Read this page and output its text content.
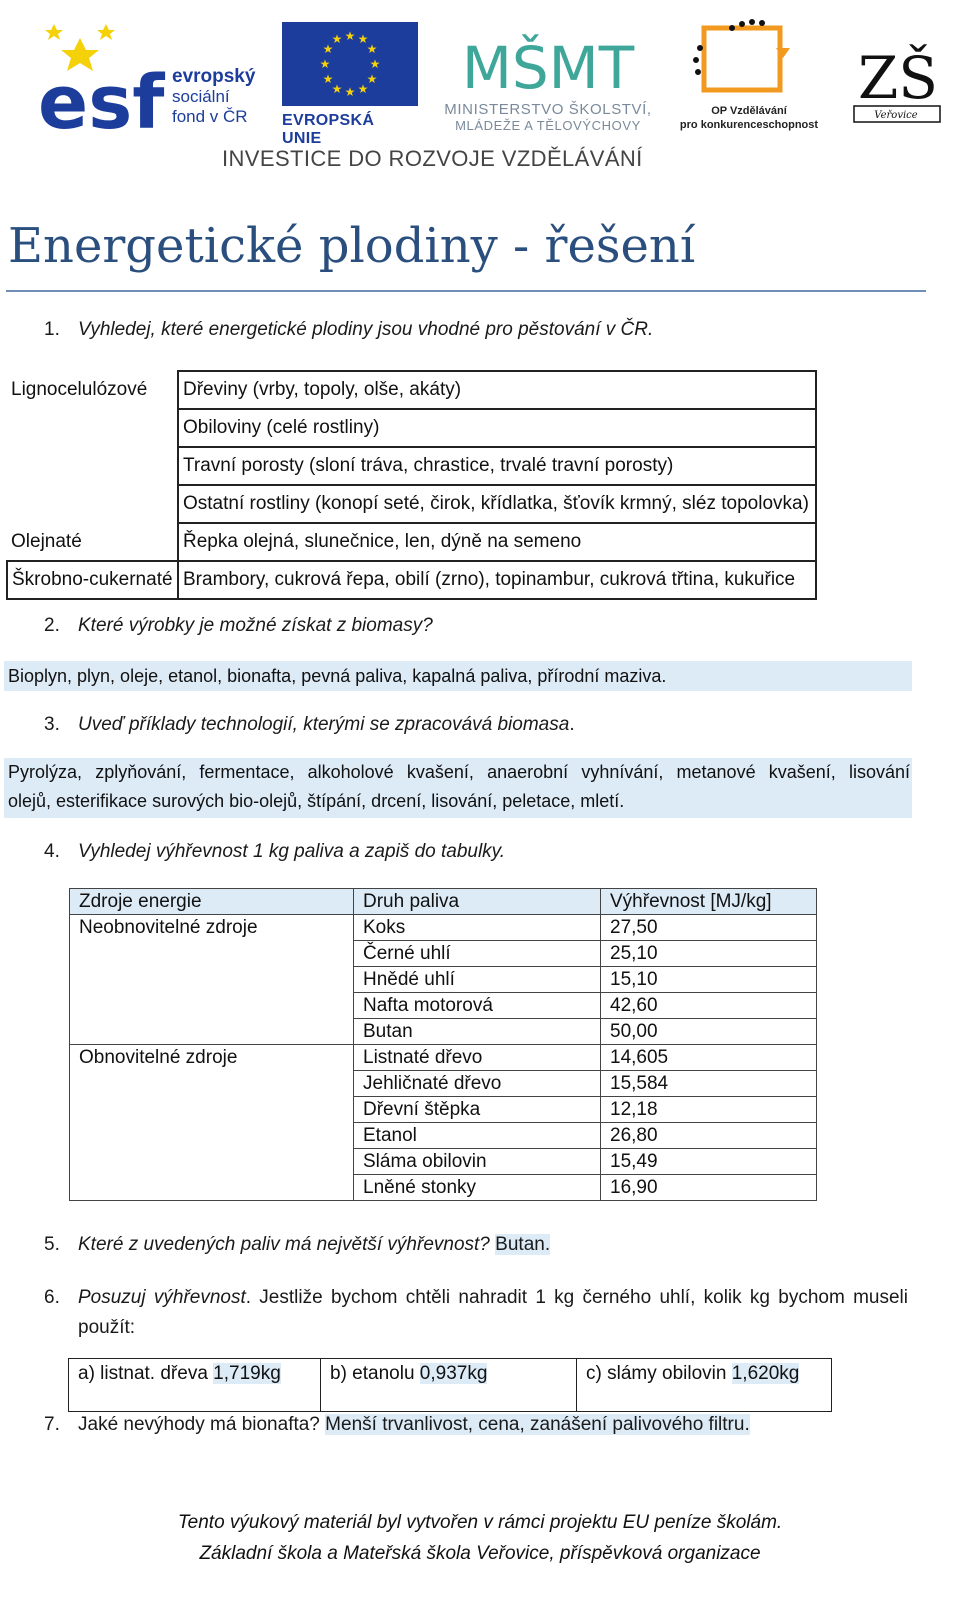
esf evropský
sociální
fond v ČR
★ ★
★
★
★
★
★
★
★
★
★
★
EVROPSKÁ UNIE
MŠMT
MINISTERSTVO ŠKOLSTVÍ,
MLÁDEŽE A TĚLOVÝCHOVY
OP Vzdělávání
pro konkurenceschopnost
ZŠ
Veřovice
INVESTICE DO ROZVOJE VZDĚLÁVÁNÍ
Energetické plodiny - řešení
1. Vyhledej, které energetické plodiny jsou vhodné pro pěstování v ČR.
Lignocelulózové	Dřeviny (vrby, topoly, olše, akáty)
	Obiloviny (celé rostliny)
	Travní porosty (sloní tráva, chrastice, trvalé travní porosty)
	Ostatní rostliny (konopí seté, čirok, křídlatka, šťovík krmný, sléz topolovka)
Olejnaté	Řepka olejná, slunečnice, len, dýně na semeno
Škrobno-cukernaté	Brambory, cukrová řepa, obilí (zrno), topinambur, cukrová třtina, kukuřice
2. Které výrobky je možné získat z biomasy?
Bioplyn, plyn, oleje, etanol, bionafta, pevná paliva, kapalná paliva, přírodní maziva.
3. Uveď příklady technologií, kterými se zpracovává biomasa.
Pyrolýza, zplyňování, fermentace, alkoholové kvašení, anaerobní vyhnívání, metanové kvašení, lisování
olejů, esterifikace surových bio-olejů, štípání, drcení, lisování, peletace, mletí.
4. Vyhledej výhřevnost 1 kg paliva a zapiš do tabulky.
Zdroje energie	Druh paliva	Výhřevnost [MJ/kg]
Neobnovitelné zdroje	Koks	27,50
	Černé uhlí	25,10
	Hnědé uhlí	15,10
	Nafta motorová	42,60
	Butan	50,00
Obnovitelné zdroje	Listnaté dřevo	14,605
	Jehličnaté dřevo	15,584
	Dřevní štěpka	12,18
	Etanol	26,80
	Sláma obilovin	15,49
	Lněné stonky	16,90
5. Které z uvedených paliv má největší výhřevnost? Butan.
6. Posuzuj výhřevnost. Jestliže bychom chtěli nahradit 1 kg černého uhlí, kolik kg bychom museli
použít:
a) listnat. dřeva 1,719kg	b) etanolu 0,937kg	c) slámy obilovin 1,620kg
7. Jaké nevýhody má bionafta? Menší trvanlivost, cena, zanášení palivového filtru.
Tento výukový materiál byl vytvořen v rámci projektu EU peníze školám.
Základní škola a Mateřská škola Veřovice, příspěvková organizace
